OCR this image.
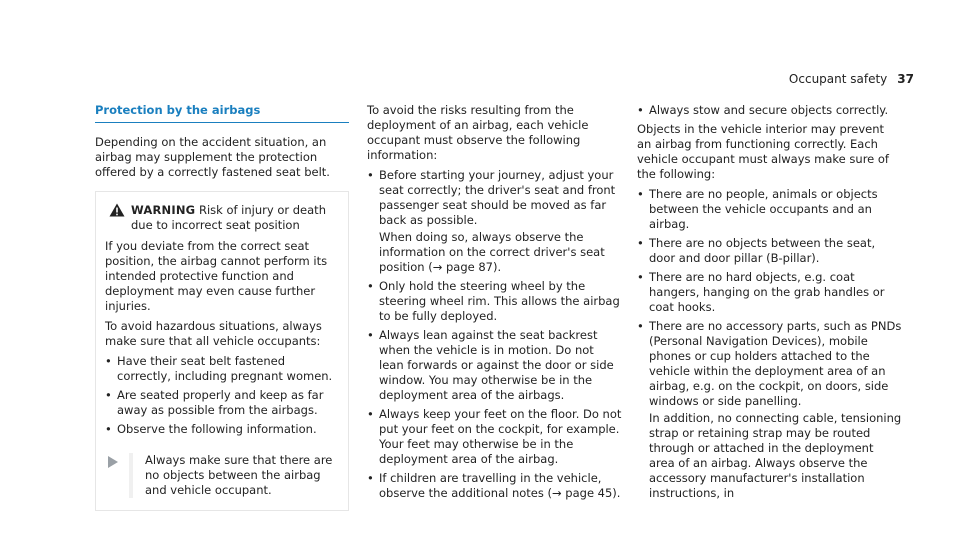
Occupant safety 37
Protection by the airbags

Depending on the accident situation, an airbag may supplement the protection offered by a correctly fastened seat belt.

WARNING Risk of injury or death due to incorrect seat position

If you deviate from the correct seat position, the airbag cannot perform its intended protective function and deployment may even cause further injuries.

To avoid hazardous situations, always make sure that all vehicle occupants:

• Have their seat belt fastened correctly, including pregnant women.
• Are seated properly and keep as far away as possible from the airbags.
• Observe the following information.
Always make sure that there are no objects between the airbag and vehicle occupant.

To avoid the risks resulting from the deployment of an airbag, each vehicle occupant must observe the following information:

• Before starting your journey, adjust your seat correctly; the driver's seat and front passenger seat should be moved as far back as possible.

When doing so, always observe the information on the correct driver's seat position (→ page 87).

• Only hold the steering wheel by the steering wheel rim. This allows the airbag to be fully deployed.
• Always lean against the seat backrest when the vehicle is in motion. Do not lean forwards or against the door or side window. You may otherwise be in the deployment area of the airbags.
• Always keep your feet on the floor. Do not put your feet on the cockpit, for example. Your feet may otherwise be in the deployment area of the airbag.
• If children are travelling in the vehicle, observe the additional notes (→ page 45).
• Always stow and secure objects correctly.

Objects in the vehicle interior may prevent an airbag from functioning correctly. Each vehicle occupant must always make sure of the following:

• There are no people, animals or objects between the vehicle occupants and an airbag.
• There are no objects between the seat, door and door pillar (B-pillar).
• There are no hard objects, e.g. coat hangers, hanging on the grab handles or coat hooks.
• There are no accessory parts, such as PNDs (Personal Navigation Devices), mobile phones or cup holders attached to the vehicle within the deployment area of an airbag, e.g. on the cockpit, on doors, side windows or side panelling.

In addition, no connecting cable, tensioning strap or retaining strap may be routed through or attached in the deployment area of an airbag. Always observe the accessory manufacturer's installation instructions, in
